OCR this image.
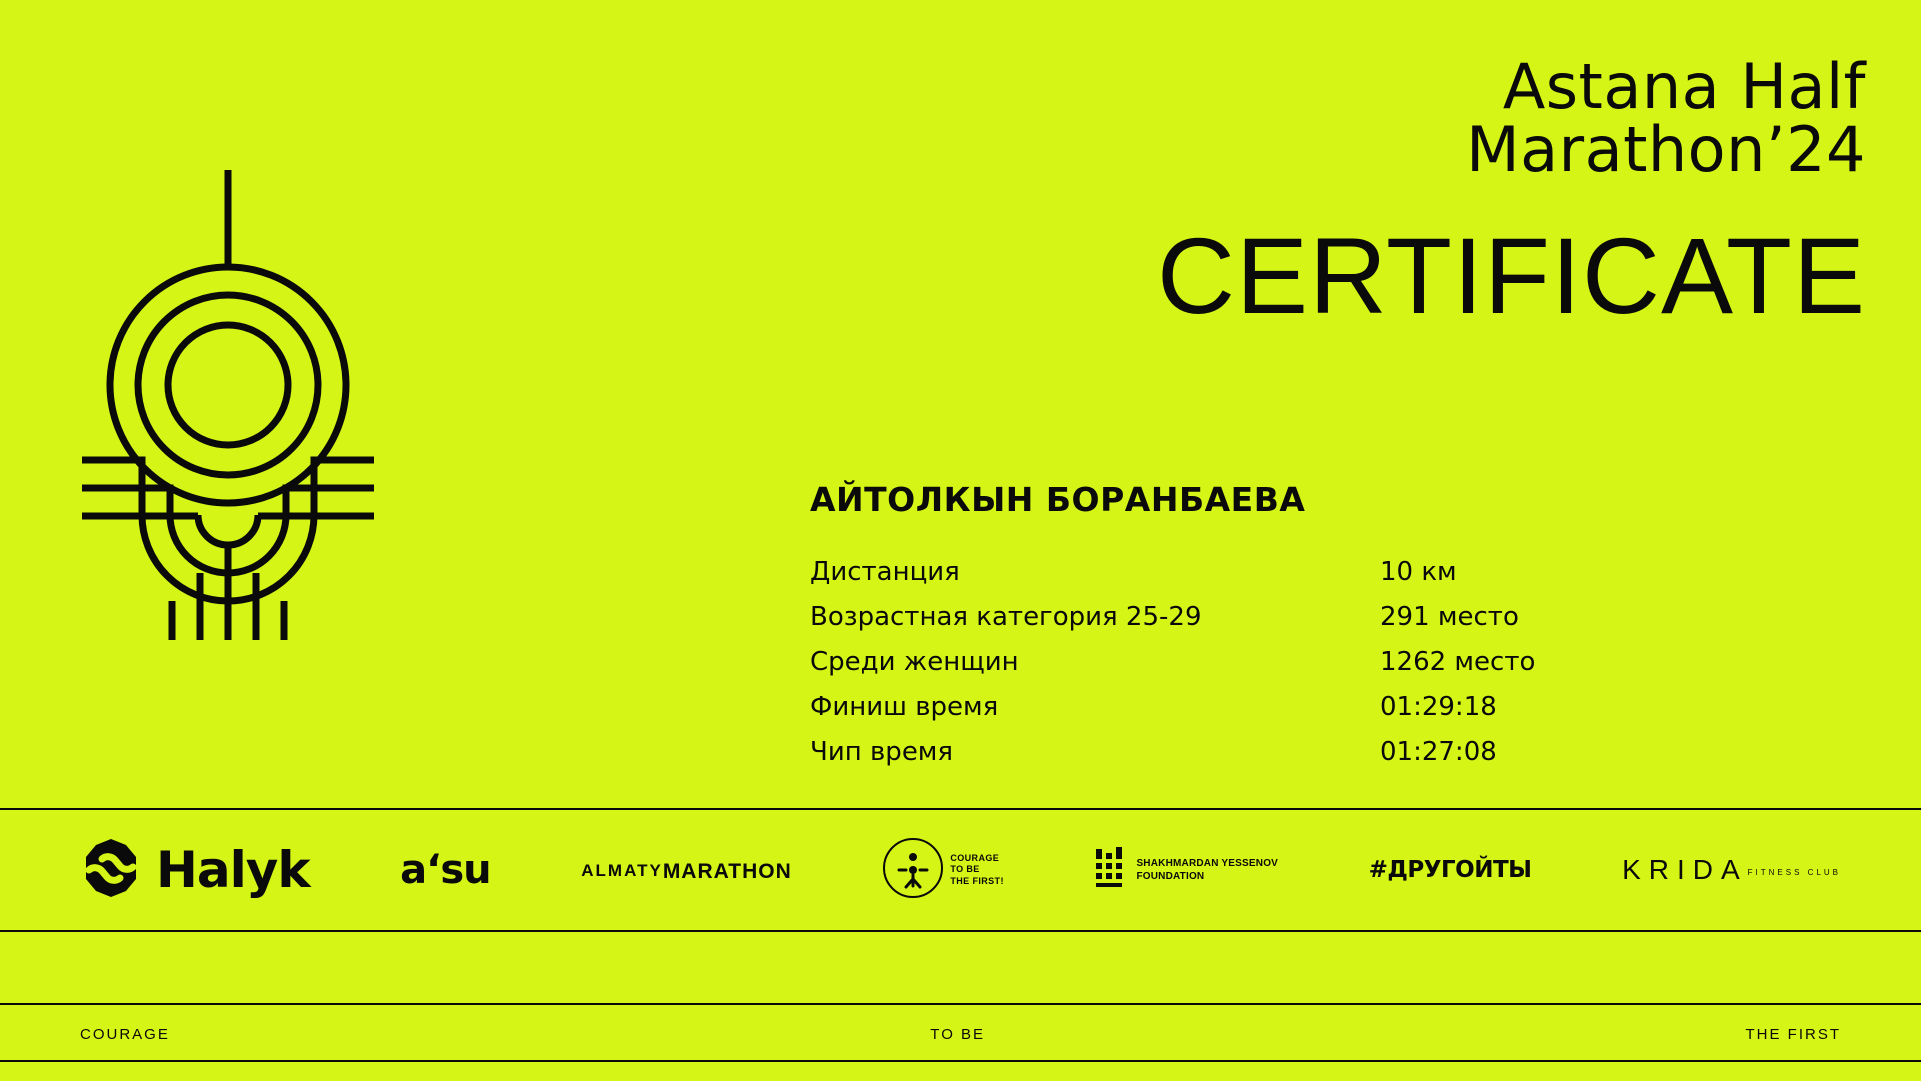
Astana Half
Marathon’24
CERTIFICATE
АЙТОЛКЫН БОРАНБАЕВА
Дистанция	10 км
Возрастная категория 25-29	291 место
Среди женщин	1262 место
Финиш время	01:29:18
Чип время	01:27:08
Halyk aʻsu	ALMATY MARATHON
COURAGE
TO BE
THE FIRST!
SHAKHMARDAN YESSENOV
FOUNDATION	#ДРУГОЙТЫ	KRIDA FITNESS CLUB
COURAGE	TO BE	THE FIRST
